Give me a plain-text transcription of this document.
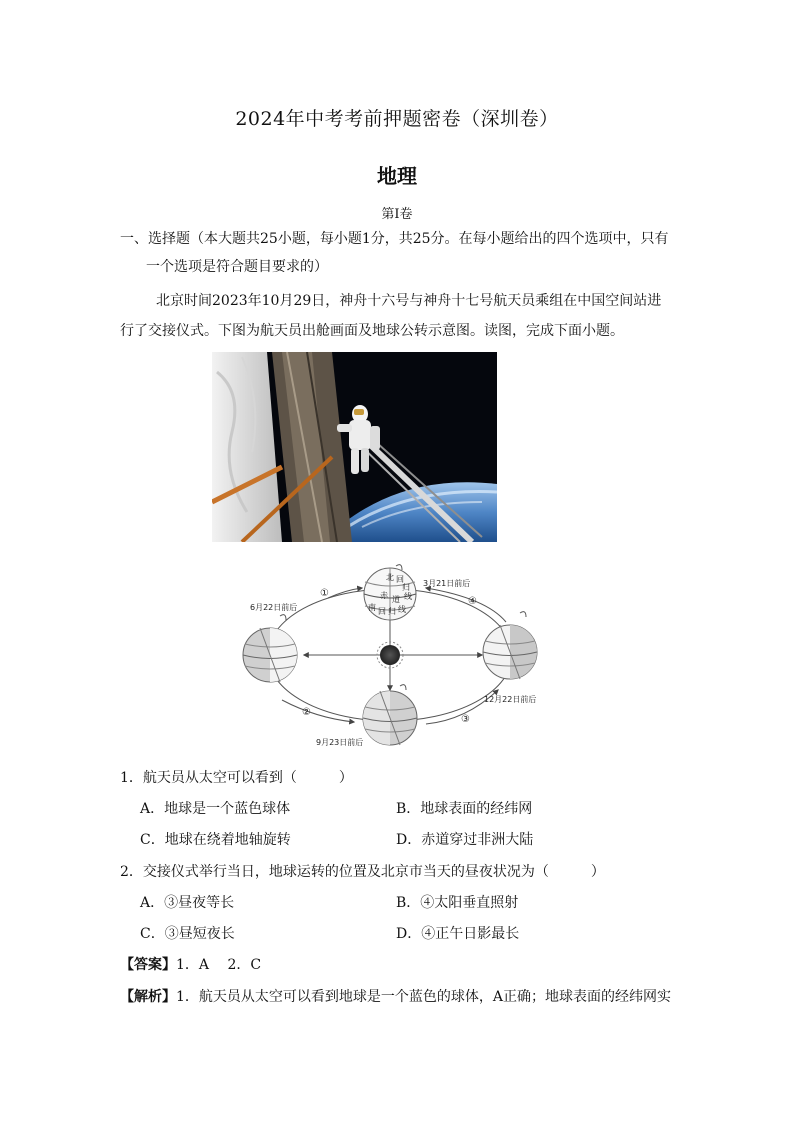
2024年中考考前押题密卷（深圳卷）
地理
第Ⅰ卷
一、选择题（本大题共25小题，每小题1分，共25分。在每小题给出的四个选项中，只有
一个选项是符合题目要求的）
北京时间2023年10月29日，神舟十六号与神舟十七号航天员乘组在中国空间站进
行了交接仪式。下图为航天员出舱画面及地球公转示意图。读图，完成下面小题。
北 回
归
线
赤 道
南 回 归 线
3月21日前后
6月22日前后
9月23日前后
12月22日前后
①
②
③
④
1．航天员从太空可以看到（　　　）
A．地球是一个蓝色球体	B．地球表面的经纬网
C．地球在绕着地轴旋转	D．赤道穿过非洲大陆
2．交接仪式举行当日，地球运转的位置及北京市当天的昼夜状况为（　　　）
A．③昼夜等长	B．④太阳垂直照射
C．③昼短夜长	D．④正午日影最长
【答案】1．A　 2．C
【解析】1．航天员从太空可以看到地球是一个蓝色的球体，A正确；地球表面的经纬网实
